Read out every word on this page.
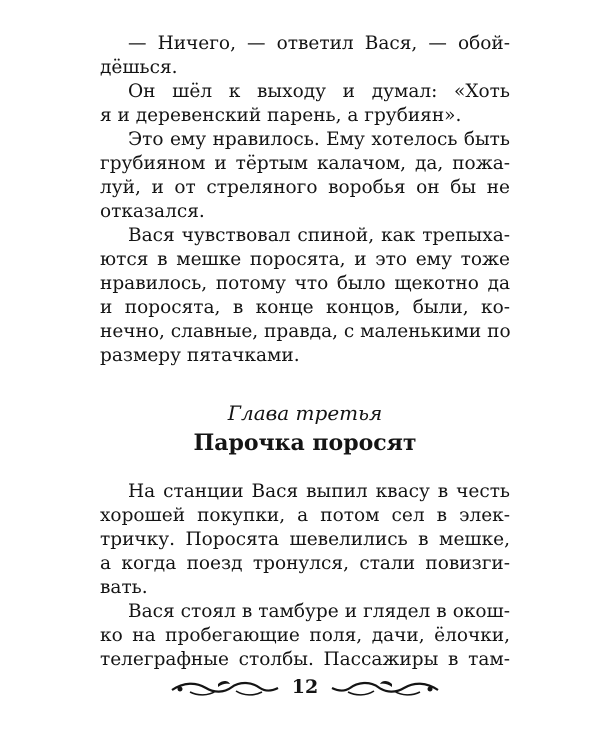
— Ничего, — ответил Вася, — обой-
дёшься.
Он шёл к выходу и думал: «Хоть
я и деревенский парень, а грубиян».
Это ему нравилось. Ему хотелось быть
грубияном и тёртым калачом, да, пожа-
луй, и от стреляного воробья он бы не
отказался.
Вася чувствовал спиной, как трепыха-
ются в мешке поросята, и это ему тоже
нравилось, потому что было щекотно да
и поросята, в конце концов, были, ко-
нечно, славные, правда, с маленькими по
размеру пятачками.
Глава третья
Парочка поросят
На станции Вася выпил квасу в честь
хорошей покупки, а потом сел в элек-
тричку. Поросята шевелились в мешке,
а когда поезд тронулся, стали повизги-
вать.
Вася стоял в тамбуре и глядел в окош-
ко на пробегающие поля, дачи, ёлочки,
телеграфные столбы. Пассажиры в там-
12
